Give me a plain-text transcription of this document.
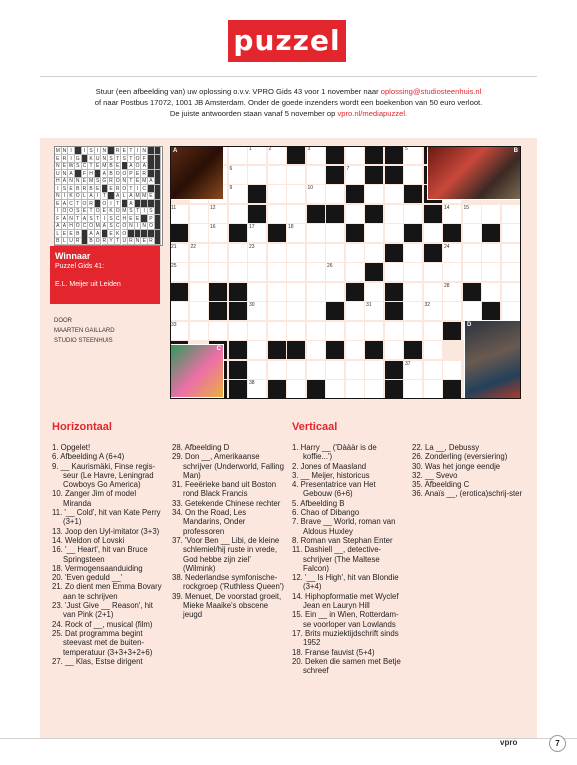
puzzel
Stuur (een afbeelding van) uw oplossing o.v.v. VPRO Gids 43 voor 1 november naar oplossing@studiosteenhuis.nl
of naar Postbus 17072, 1001 JB Amsterdam. Onder de goede inzenders wordt een boekenbon van 50 euro verloot.
De juiste antwoorden staan vanaf 5 november op vpro.nl/mediapuzzel.
M N I	I S I N	R E T I N
E R I G	K U N S T S T O F
N E W S C T E M B E	A O A
U N A	F H	A B O O P E R
H A N N E M S G R O N T E M A
I S E B R B E	E R O T I C
N I K O L A I T	A L A M M E
E A C T O R	O I T	A
I O O S E T O E K O M S T I S
F A N T A S T I S C H E E	P
A A H O C O M A S C O N I N O
L E E B	A A	E K O
B L U R	B O R Y T U R N E R
Winnaar
Puzzel Gids 41:
E.L. Meijer uit Leiden
DOOR
MAARTEN GAILLARD
STUDIO STEENHUIS
1	2	3	5
6	7
9	10
11	12	14	15
16	17	18
21	22	23	24
25	26
28
30	31	32
33
37
38
A	B
C
D
Horizontaal	Verticaal

1. Opgelet!

6. Afbeelding A (6+4)

9. __ Kaurismäki, Finse regis-seur (Le Havre, Leningrad Cowboys Go America)

10. Zanger Jim of model Miranda

11. '__ Cold', hit van Kate Perry (3+1)

13. Joop den Uyl-imitator (3+3)

14. Weldon of Lovski

16. '__ Heart', hit van Bruce Springsteen

18. Vermogensaanduiding

20. 'Even geduld __'

21. Zo dient men Emma Bovary aan te schrijven

23. 'Just Give __ Reason', hit van Pink (2+1)

24. Rock of __, musical (film)

25. Dat programma begint steevast met de buiten-temperatuur (3+3+3+2+6)

27. __ Klas, Estse dirigent

28. Afbeelding D

29. Don __, Amerikaanse schrijver (Underworld, Falling Man)

31. Feeërieke band uit Boston rond Black Francis

33. Getekende Chinese rechter

34. On the Road, Les Mandarins, Onder professoren

37. 'Voor Ben __ Libi, de kleine schlemiel/hij ruste in vrede, God hebbe zijn ziel' (Wilmink)

38. Nederlandse symfonische-rockgroep ('Ruthless Queen')

39. Menuet, De voorstad groeit, Mieke Maaike's obscene jeugd

1. Harry __ ('Dàààr is de koffie...')

2. Jones of Maasland

3. __ Meijer, historicus

4. Presentatrice van Het Gebouw (6+6)

5. Afbeelding B

6. Chao of Dibango

7. Brave __ World, roman van Aldous Huxley

8. Roman van Stephan Enter

11. Dashiell __, detective-schrijver (The Maltese Falcon)

12. '__ Is High', hit van Blondie (3+4)

14. Hiphopformatie met Wyclef Jean en Lauryn Hill

15. Ein __ in Wien, Rotterdam-se voorloper van Lowlands

17. Brits muziektijdschrift sinds 1952

18. Franse fauvist (5+4)

20. Deken die samen met Betje schreef

22. La __, Debussy

26. Zonderling (eversiering)

30. Was het jonge eendje

32. __ Svevo

35. Afbeelding C

36. Anaïs __, (erotica)schrij-ster

vpro	7
